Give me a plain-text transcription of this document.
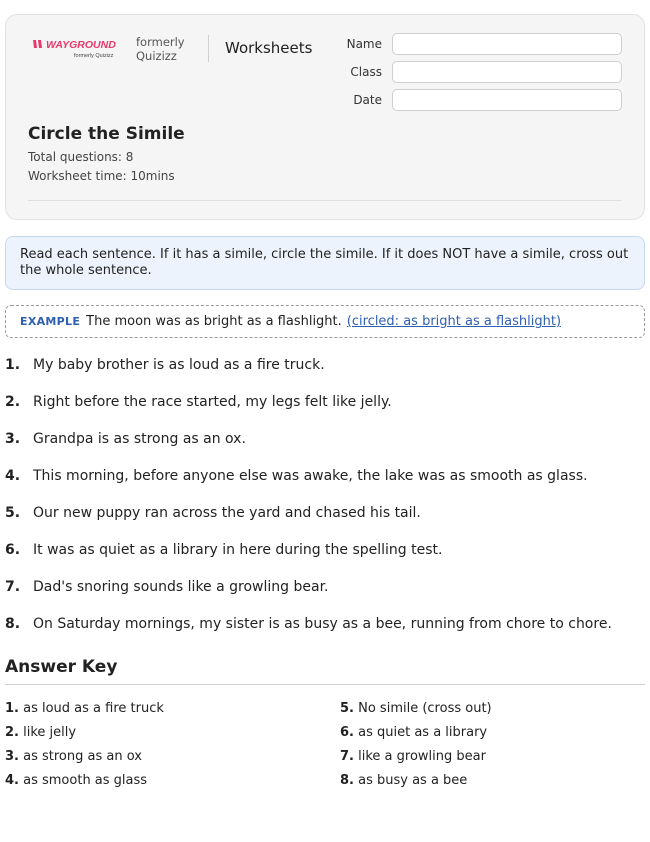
WAYGROUND
formerly Quizizz
formerly
Quizizz	Worksheets	Name
Class
Date
Circle the Simile
Total questions: 8
Worksheet time: 10mins
Read each sentence. If it has a simile, circle the simile. If it does NOT have a simile, cross out the whole sentence.
EXAMPLE The moon was as bright as a flashlight. (circled: as bright as a flashlight)
1. My baby brother is as loud as a fire truck.
2. Right before the race started, my legs felt like jelly.
3. Grandpa is as strong as an ox.
4. This morning, before anyone else was awake, the lake was as smooth as glass.
5. Our new puppy ran across the yard and chased his tail.
6. It was as quiet as a library in here during the spelling test.
7. Dad's snoring sounds like a growling bear.
8. On Saturday mornings, my sister is as busy as a bee, running from chore to chore.
Answer Key
1. as loud as a fire truck
2. like jelly
3. as strong as an ox
4. as smooth as glass
5. No simile (cross out)
6. as quiet as a library
7. like a growling bear
8. as busy as a bee
